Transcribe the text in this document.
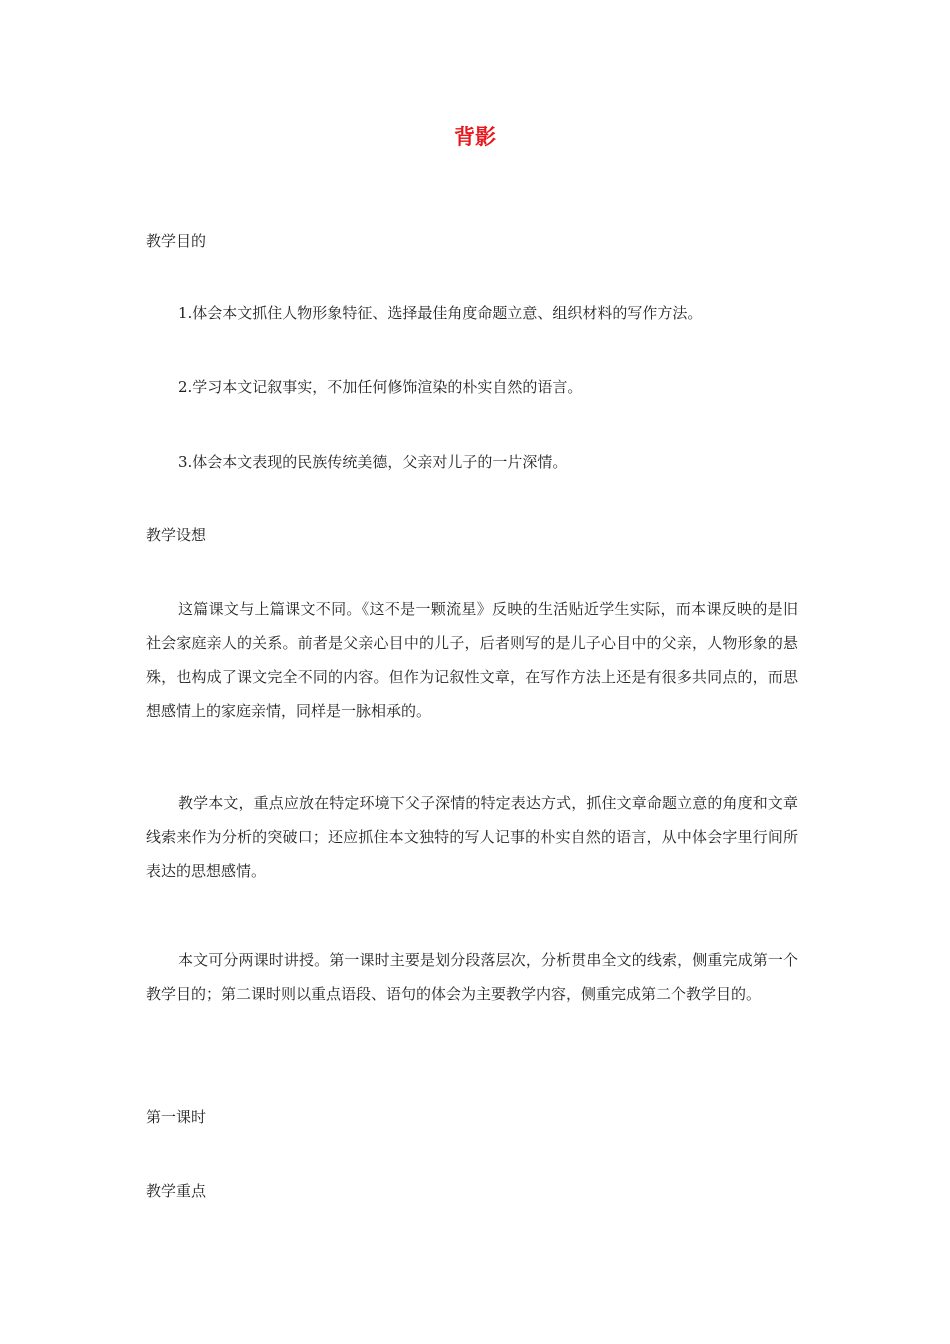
背影
教学目的
1.体会本文抓住人物形象特征、选择最佳角度命题立意、组织材料的写作方法。
2.学习本文记叙事实，不加任何修饰渲染的朴实自然的语言。
3.体会本文表现的民族传统美德，父亲对儿子的一片深情。
教学设想
这篇课文与上篇课文不同。《这不是一颗流星》反映的生活贴近学生实际，而本课反映的是旧社会家庭亲人的关系。前者是父亲心目中的儿子，后者则写的是儿子心目中的父亲，人物形象的悬殊，也构成了课文完全不同的内容。但作为记叙性文章，在写作方法上还是有很多共同点的，而思想感情上的家庭亲情，同样是一脉相承的。
教学本文，重点应放在特定环境下父子深情的特定表达方式，抓住文章命题立意的角度和文章线索来作为分析的突破口；还应抓住本文独特的写人记事的朴实自然的语言，从中体会字里行间所表达的思想感情。
本文可分两课时讲授。第一课时主要是划分段落层次，分析贯串全文的线索，侧重完成第一个教学目的；第二课时则以重点语段、语句的体会为主要教学内容，侧重完成第二个教学目的。
第一课时
教学重点
